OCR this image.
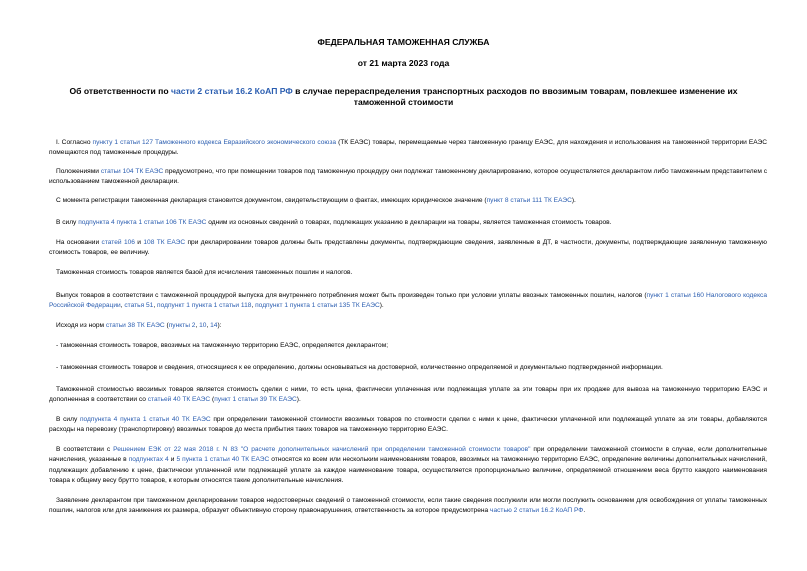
ФЕДЕРАЛЬНАЯ ТАМОЖЕННАЯ СЛУЖБА
от 21 марта 2023 года
Об ответственности по части 2 статьи 16.2 КоАП РФ в случае перераспределения транспортных расходов по ввозимым товарам, повлекшее изменение их таможенной стоимости

I. Согласно пункту 1 статьи 127 Таможенного кодекса Евразийского экономического союза (ТК ЕАЭС) товары, перемещаемые через таможенную границу ЕАЭС, для нахождения и использования на таможенной территории ЕАЭС помещаются под таможенные процедуры.

Положениями статьи 104 ТК ЕАЭС предусмотрено, что при помещении товаров под таможенную процедуру они подлежат таможенному декларированию, которое осуществляется декларантом либо таможенным представителем с использованием таможенной декларации.

С момента регистрации таможенная декларация становится документом, свидетельствующим о фактах, имеющих юридическое значение (пункт 8 статьи 111 ТК ЕАЭС).

В силу подпункта 4 пункта 1 статьи 106 ТК ЕАЭС одним из основных сведений о товарах, подлежащих указанию в декларации на товары, является таможенная стоимость товаров.

На основании статей 106 и 108 ТК ЕАЭС при декларировании товаров должны быть представлены документы, подтверждающие сведения, заявленные в ДТ, в частности, документы, подтверждающие заявленную таможенную стоимость товаров, ее величину.

Таможенная стоимость товаров является базой для исчисления таможенных пошлин и налогов.

Выпуск товаров в соответствии с таможенной процедурой выпуска для внутреннего потребления может быть произведен только при условии уплаты ввозных таможенных пошлин, налогов (пункт 1 статьи 160 Налогового кодекса Российской Федерации, статья 51, подпункт 1 пункта 1 статьи 118, подпункт 1 пункта 1 статьи 135 ТК ЕАЭС).

Исходя из норм статьи 38 ТК ЕАЭС (пункты 2, 10, 14):

- таможенная стоимость товаров, ввозимых на таможенную территорию ЕАЭС, определяется декларантом;

- таможенная стоимость товаров и сведения, относящиеся к ее определению, должны основываться на достоверной, количественно определяемой и документально подтвержденной информации.

Таможенной стоимостью ввозимых товаров является стоимость сделки с ними, то есть цена, фактически уплаченная или подлежащая уплате за эти товары при их продаже для вывоза на таможенную территорию ЕАЭС и дополненная в соответствии со статьей 40 ТК ЕАЭС (пункт 1 статьи 39 ТК ЕАЭС).

В силу подпункта 4 пункта 1 статьи 40 ТК ЕАЭС при определении таможенной стоимости ввозимых товаров по стоимости сделки с ними к цене, фактически уплаченной или подлежащей уплате за эти товары, добавляются расходы на перевозку (транспортировку) ввозимых товаров до места прибытия таких товаров на таможенную территорию ЕАЭС.

В соответствии с Решением ЕЭК от 22 мая 2018 г. N 83 "О расчете дополнительных начислений при определении таможенной стоимости товаров" при определении таможенной стоимости в случае, если дополнительные начисления, указанные в подпунктах 4 и 5 пункта 1 статьи 40 ТК ЕАЭС относятся ко всем или нескольким наименованиям товаров, ввозимых на таможенную территорию ЕАЭС, определение величины дополнительных начислений, подлежащих добавлению к цене, фактически уплаченной или подлежащей уплате за каждое наименование товара, осуществляется пропорционально величине, определяемой отношением веса брутто каждого наименования товара к общему весу брутто товаров, к которым относятся такие дополнительные начисления.

Заявление декларантом при таможенном декларировании товаров недостоверных сведений о таможенной стоимости, если такие сведения послужили или могли послужить основанием для освобождения от уплаты таможенных пошлин, налогов или для занижения их размера, образует объективную сторону правонарушения, ответственность за которое предусмотрена частью 2 статьи 16.2 КоАП РФ.
